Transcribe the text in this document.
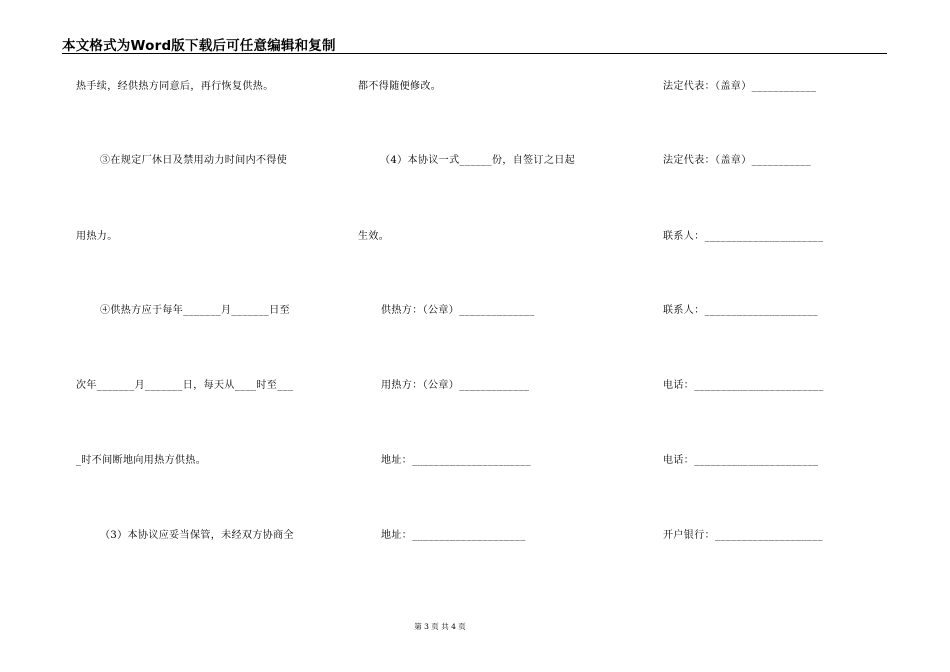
本文格式为Word版下载后可任意编辑和复制
热手续，经供热方同意后，再行恢复供热。
③在规定厂休日及禁用动力时间内不得使
用热力。
④供热方应于每年_______月_______日至
次年_______月_______日，每天从____时至___
_时不间断地向用热方供热。
（3）本协议应妥当保管，未经双方协商全
都不得随便修改。
（4）本协议一式______份，自签订之日起
生效。
供热方：（公章）______________
用热方：（公章）_____________
地址：______________________
地址：_____________________
法定代表：（盖章）____________
法定代表：（盖章）___________
联系人：______________________
联系人：_____________________
电话：________________________
电话：_______________________
开户银行：____________________
第 3 页 共 4 页
